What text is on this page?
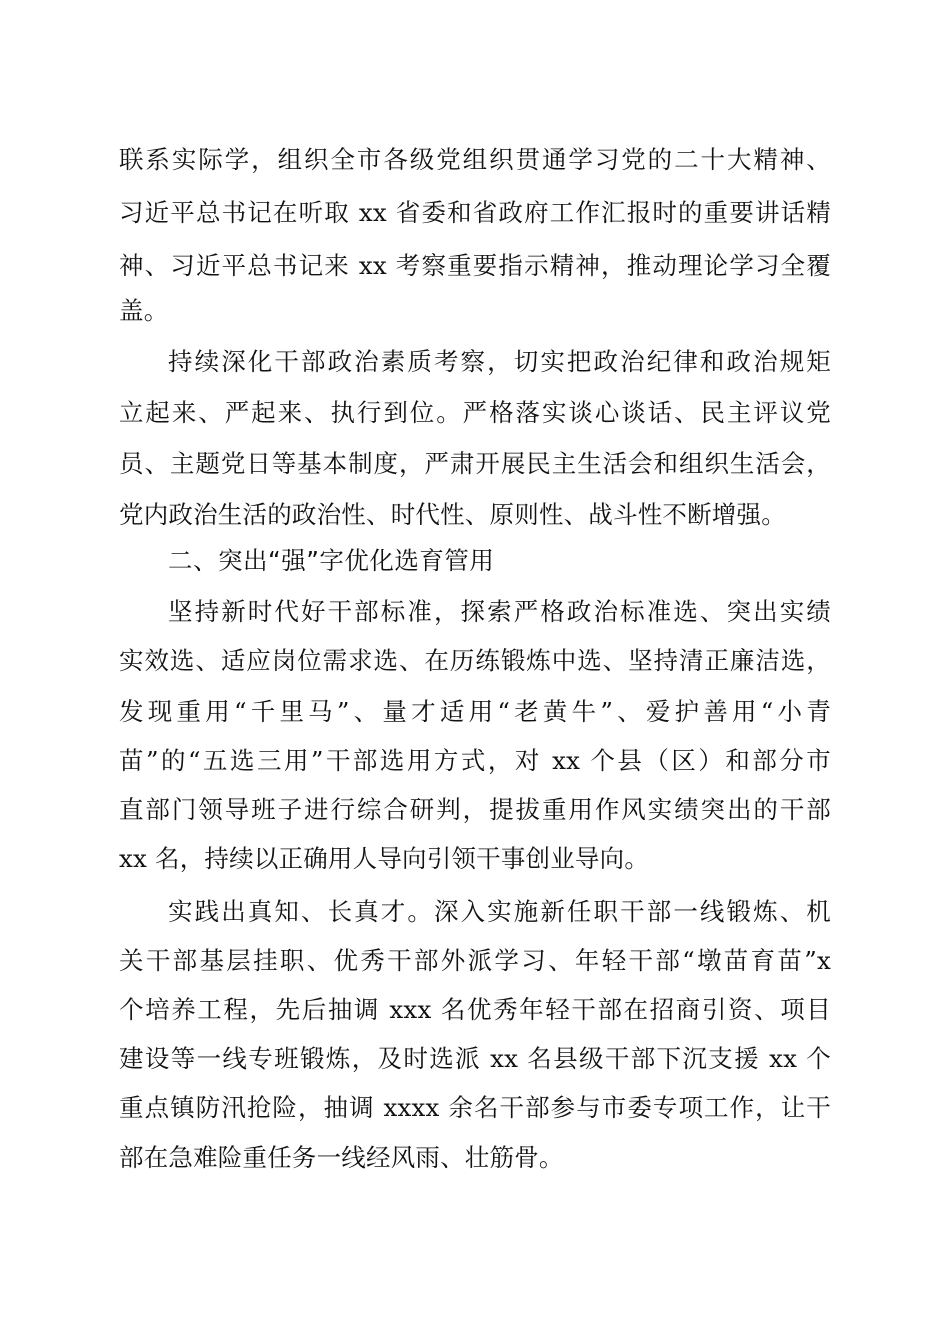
联系实际学，组织全市各级党组织贯通学习党的二十大精神、
习近平总书记在听取 xx 省委和省政府工作汇报时的重要讲话精
神、习近平总书记来 xx 考察重要指示精神，推动理论学习全覆
盖。
持续深化干部政治素质考察，切实把政治纪律和政治规矩
立起来、严起来、执行到位。严格落实谈心谈话、民主评议党
员、主题党日等基本制度，严肃开展民主生活会和组织生活会，
党内政治生活的政治性、时代性、原则性、战斗性不断增强。
二、突出“强”字优化选育管用
坚持新时代好干部标准，探索严格政治标准选、突出实绩
实效选、适应岗位需求选、在历练锻炼中选、坚持清正廉洁选，
发现重用“千里马”、量才适用“老黄牛”、爱护善用“小青
苗”的“五选三用”干部选用方式，对 xx 个县（区）和部分市
直部门领导班子进行综合研判，提拔重用作风实绩突出的干部
xx 名，持续以正确用人导向引领干事创业导向。
实践出真知、长真才。深入实施新任职干部一线锻炼、机
关干部基层挂职、优秀干部外派学习、年轻干部“墩苗育苗”x
个培养工程，先后抽调 xxx 名优秀年轻干部在招商引资、项目
建设等一线专班锻炼，及时选派 xx 名县级干部下沉支援 xx 个
重点镇防汛抢险，抽调 xxxx 余名干部参与市委专项工作，让干
部在急难险重任务一线经风雨、壮筋骨。
